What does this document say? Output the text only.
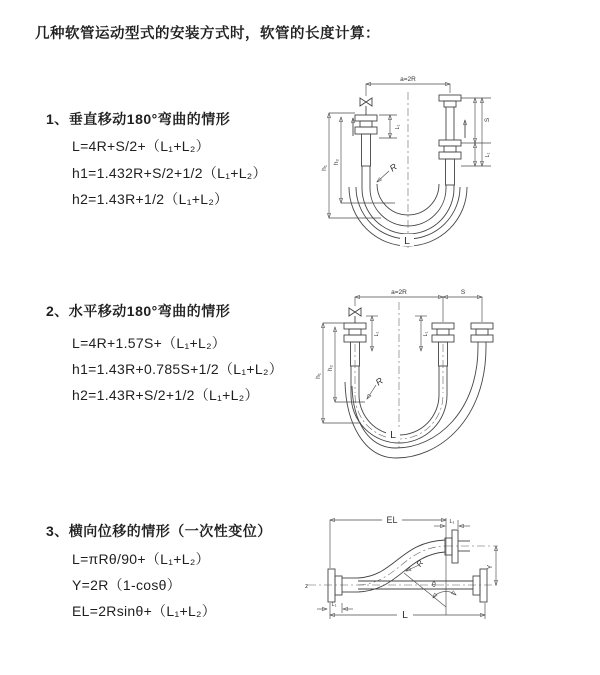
几种软管运动型式的安装方式时，软管的长度计算：
1、垂直移动180°弯曲的情形
L=4R+S/2+（L₁+L₂）
h1=1.432R+S/2+1/2（L₁+L₂）
h2=1.43R+1/2（L₁+L₂）
2、水平移动180°弯曲的情形
L=4R+1.57S+（L₁+L₂）
h1=1.43R+0.785S+1/2（L₁+L₂）
h2=1.43R+S/2+1/2（L₁+L₂）
3、横向位移的情形（一次性变位）
L=πRθ/90+（L₁+L₂）
Y=2R（1-cosθ）
EL=2Rsinθ+（L₁+L₂）
a=2R
h₁
h₂
L₁
S
L₁
R
L
a=2R	S
h₁
h₂
L₁	L₁
R
L
z	θ
EL	L₁
Y
R
L
L₁
